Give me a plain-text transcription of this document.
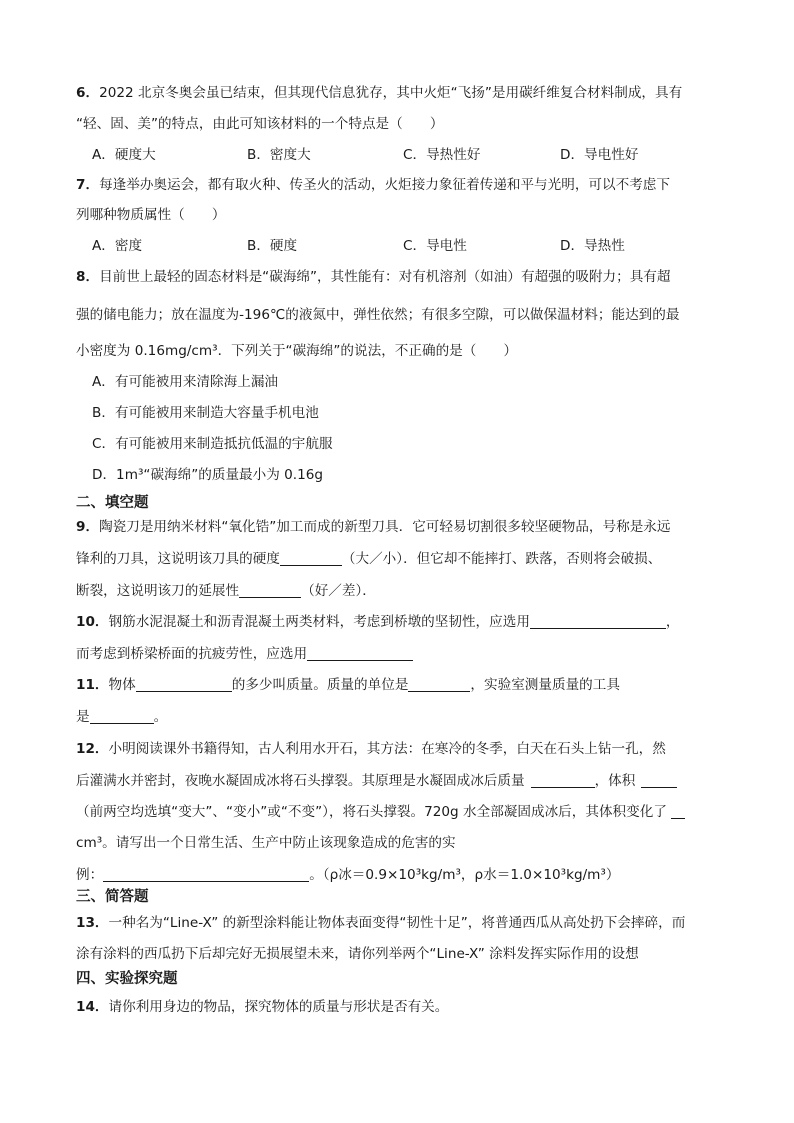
6．2022 北京冬奥会虽已结束，但其现代信息犹存，其中火炬“飞扬”是用碳纤维复合材料制成，具有
“轻、固、美”的特点，由此可知该材料的一个特点是（　　）
A．硬度大	B．密度大	C．导热性好	D．导电性好
7．每逢举办奥运会，都有取火种、传圣火的活动，火炬接力象征着传递和平与光明，可以不考虑下
列哪种物质属性（　　）
A．密度	B．硬度	C．导电性	D．导热性
8．目前世上最轻的固态材料是“碳海绵”，其性能有：对有机溶剂（如油）有超强的吸附力；具有超
强的储电能力；放在温度为-196℃的液氮中，弹性依然；有很多空隙，可以做保温材料；能达到的最
小密度为 0.16mg/cm³．下列关于“碳海绵”的说法，不正确的是（　　）
A．有可能被用来清除海上漏油
B．有可能被用来制造大容量手机电池
C．有可能被用来制造抵抗低温的宇航服
D．1m³“碳海绵”的质量最小为 0.16g
二、填空题
9．陶瓷刀是用纳米材料“氧化锆”加工而成的新型刀具．它可轻易切割很多较坚硬物品，号称是永远
锋利的刀具，这说明该刀具的硬度	（大／小）．但它却不能摔打、跌落，否则将会破损、
断裂，这说明该刀的延展性	（好／差）．
10．钢筋水泥混凝土和沥青混凝土两类材料，考虑到桥墩的坚韧性，应选用	，
而考虑到桥梁桥面的抗疲劳性，应选用
11．物体	的多少叫质量。质量的单位是	，实验室测量质量的工具
是	。
12．小明阅读课外书籍得知，古人利用水开石，其方法：在寒冷的冬季，白天在石头上钻一孔，然
后灌满水并密封，夜晚水凝固成冰将石头撑裂。其原理是水凝固成冰后质量	，体积
（前两空均选填“变大”、“变小”或“不变”），将石头撑裂。720g 水全部凝固成冰后，其体积变化了
cm³。请写出一个日常生活、生产中防止该现象造成的危害的实
例：	。（ρ冰＝0.9×10³kg/m³，ρ水＝1.0×10³kg/m³）
三、简答题
13．一种名为“Line-X” 的新型涂料能让物体表面变得“韧性十足”，将普通西瓜从高处扔下会摔碎，而
涂有涂料的西瓜扔下后却完好无损展望未来，请你列举两个“Line-X” 涂料发挥实际作用的设想
四、实验探究题
14．请你利用身边的物品，探究物体的质量与形状是否有关。
